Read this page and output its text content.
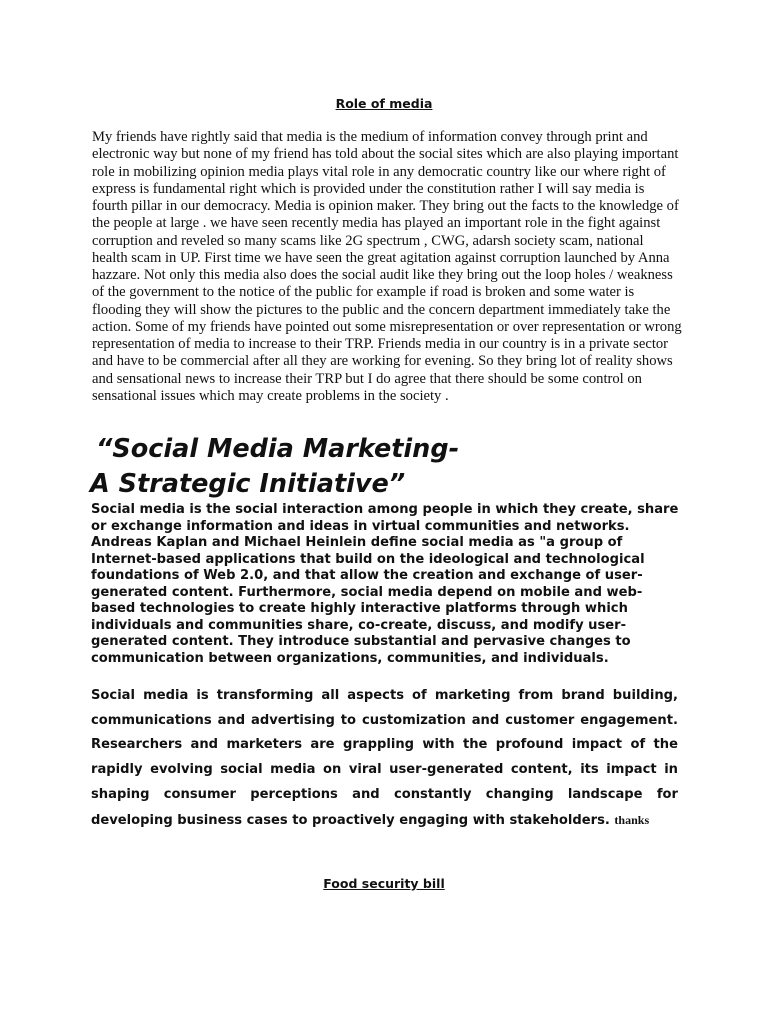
Role of media

My friends have rightly said that media is the medium of information convey through print and electronic way but none of my friend has told about the social sites which are also playing important role in mobilizing opinion media plays vital role in any democratic country like our where right of express is fundamental right which is provided under the constitution rather I will say media is fourth pillar in our democracy. Media is opinion maker. They bring out the facts to the knowledge of the people at large . we have seen recently media has played an important role in the fight against corruption and reveled so many scams like 2G spectrum , CWG, adarsh society scam, national health scam in UP. First time we have seen the great agitation against corruption launched by Anna hazzare. Not only this media also does the social audit like they bring out the loop holes / weakness of the government to the notice of the public for example if road is broken and some water is flooding they will show the pictures to the public and the concern department immediately take the action. Some of my friends have pointed out some misrepresentation or over representation or wrong representation of media to increase to their TRP. Friends media in our country is in a private sector and have to be commercial after all they are working for evening. So they bring lot of reality shows and sensational news to increase their TRP but I do agree that there should be some control on sensational issues which may create problems in the society .

“Social Media Marketing-
A Strategic Initiative”

Social media is the social interaction among people in which they create, share or exchange information and ideas in virtual communities and networks. Andreas Kaplan and Michael Heinlein define social media as "a group of Internet-based applications that build on the ideological and technological foundations of Web 2.0, and that allow the creation and exchange of user-generated content. Furthermore, social media depend on mobile and web-based technologies to create highly interactive platforms through which individuals and communities share, co-create, discuss, and modify user-generated content. They introduce substantial and pervasive changes to communication between organizations, communities, and individuals.

Social media is transforming all aspects of marketing from brand building, communications and advertising to customization and customer engagement. Researchers and marketers are grappling with the profound impact of the rapidly evolving social media on viral user-generated content, its impact in shaping consumer perceptions and constantly changing landscape for developing business cases to proactively engaging with stakeholders. thanks

Food security bill
